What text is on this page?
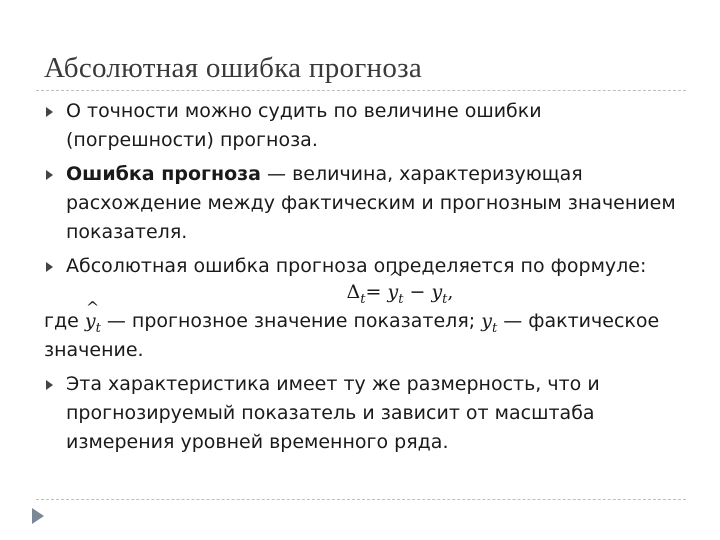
Абсолютная ошибка прогноза
О точности можно судить по величине ошибки (погрешности) прогноза.
Ошибка прогноза — величина, характеризующая расхождение между фактическим и прогнозным значением показателя.
Абсолютная ошибка прогноза определяется по формуле:
$\Delta_t=$ ^ $y_t - y_t$,
где ^ $y_t$ — прогнозное значение показателя; $y_t$ — фактическое значение.
Эта характеристика имеет ту же размерность, что и прогнозируемый показатель и зависит от масштаба измерения уровней временного ряда.
